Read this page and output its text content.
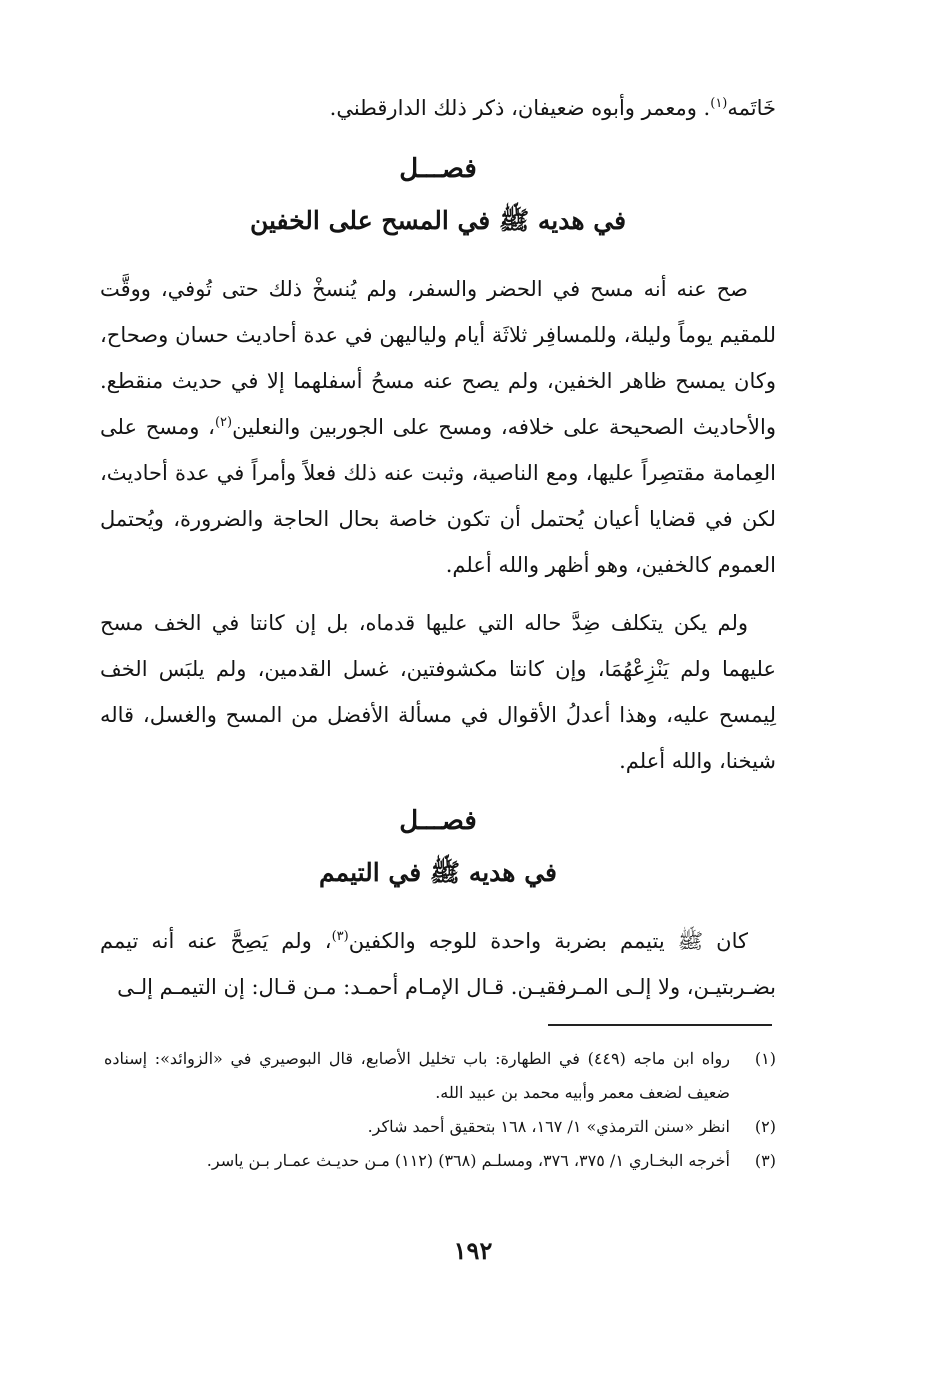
خَاتَمه$^{(١)}$. ومعمر وأبوه ضعيفان، ذكر ذلك الدارقطني.

فصـــل

في هديه ﷺ في المسح على الخفين

صح عنه أنه مسح في الحضر والسفر، ولم يُنسخْ ذلك حتى تُوفي، ووقَّت للمقيم يوماً وليلة، وللمسافِر ثلاثَة أيام ولياليهن في عدة أحاديث حسان وصحاح، وكان يمسح ظاهر الخفين، ولم يصح عنه مسحُ أسفلهما إلا في حديث منقطع. والأحاديث الصحيحة على خلافه، ومسح على الجوربين والنعلين$^{(٢)}$، ومسح على العِمامة مقتصِراً عليها، ومع الناصية، وثبت عنه ذلك فعلاً وأمراً في عدة أحاديث، لكن في قضايا أعيان يُحتمل أن تكون خاصة بحال الحاجة والضرورة، ويُحتمل العموم كالخفين، وهو أظهر والله أعلم.

ولم يكن يتكلف ضِدَّ حاله التي عليها قدماه، بل إن كانتا في الخف مسح عليهما ولم يَنْزِعْهُمَا، وإن كانتا مكشوفتين، غسل القدمين، ولم يلبَس الخف لِيمسح عليه، وهذا أعدلُ الأقوال في مسألة الأفضل من المسح والغسل، قاله شيخنا، والله أعلم.

فصـــل

في هديه ﷺ في التيمم

كان ﷺ يتيمم بضربة واحدة للوجه والكفين$^{(٣)}$، ولم يَصِحَّ عنه أنه تيمم بضـربتيـن، ولا إلـى المـرفقيـن. قـال الإمـام أحمـد: مـن قـال: إن التيمـم إلـى

(١)
رواه ابن ماجه (٤٤٩) في الطهارة: باب تخليل الأصابع، قال البوصيري في «الزوائد»: إسناده ضعيف لضعف معمر وأبيه محمد بن عبيد الله.
(٢)
انظر «سنن الترمذي» ١/ ١٦٧، ١٦٨ بتحقيق أحمد شاكر.
(٣)
أخرجه البخـاري ١/ ٣٧٥، ٣٧٦، ومسلـم (٣٦٨) (١١٢) مـن حديـث عمـار بـن ياسر.
١٩٢
